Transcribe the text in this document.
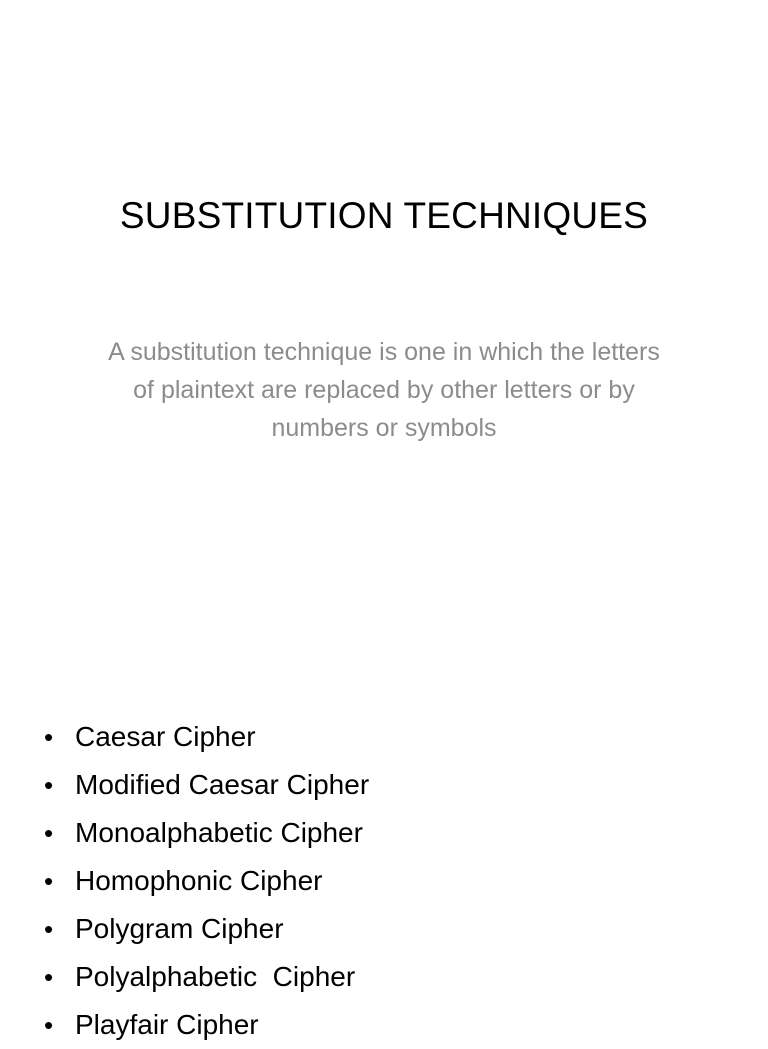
SUBSTITUTION TECHNIQUES
A substitution technique is one in which the letters of plaintext are replaced by other letters or by numbers or symbols
• Caesar Cipher
• Modified Caesar Cipher
• Monoalphabetic Cipher
• Homophonic Cipher
• Polygram Cipher
• Polyalphabetic  Cipher
• Playfair Cipher
